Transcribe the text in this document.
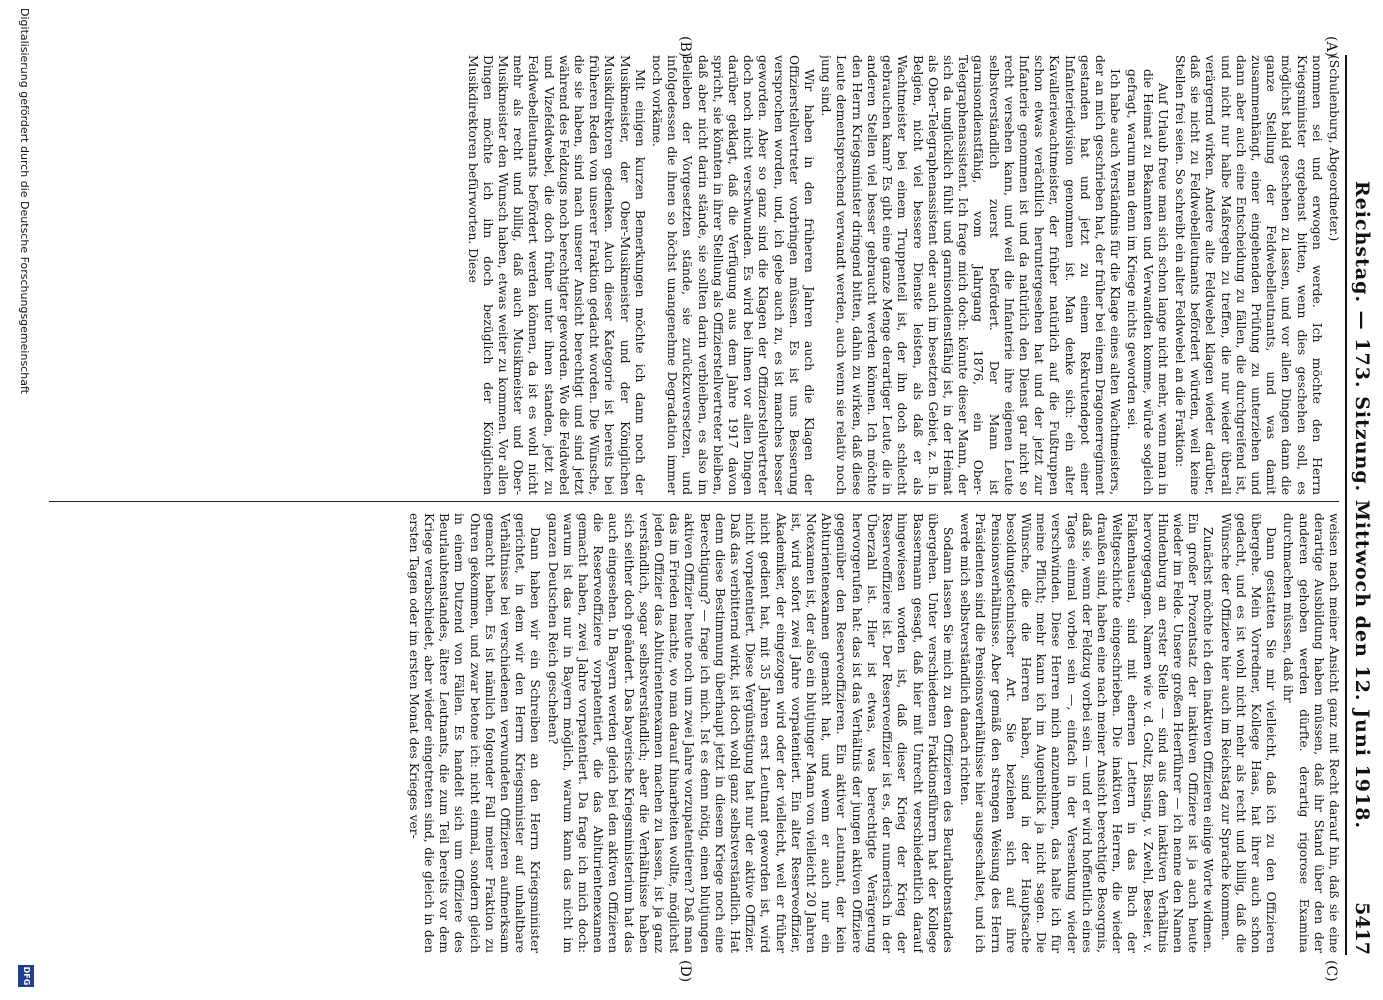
Reichstag. — 173. Sitzung. Mittwoch den 12. Juni 1918.
5417
(A)
(B)
(C)
(D)

(Schulenburg, Abgeordneter.)

nommen sei und erwogen werde. Ich möchte den Herrn Kriegsminister ergebenst bitten, wenn dies geschehen soll, es möglichst bald geschehen zu lassen, und vor allen Dingen dann die ganze Stellung der Feldwebelleutnants, und was damit zusammenhängt, einer eingehenden Prüfung zu unterziehen und dann aber auch eine Entscheidung zu fällen, die durchgreifend ist, und nicht nur halbe Maßregeln zu treffen, die nur wieder überall verärgernd wirken. Andere alte Feldwebel klagen wieder darüber, daß sie nicht zu Feldwebelleutnants befördert würden, weil keine Stellen frei seien. So schreibt ein alter Feldwebel an die Fraktion:

Auf Urlaub freue man sich schon lange nicht mehr, wenn man in die Heimat zu Bekannten und Verwandten komme, würde sogleich gefragt, warum man denn im Kriege nichts geworden sei.

Ich habe auch Verständnis für die Klage eines alten Wachtmeisters, der an mich geschrieben hat, der früher bei einem Dragonerregiment gestanden hat und jetzt zu einem Rekrutendepot einer Infanteriedivision genommen ist. Man denke sich: ein alter Kavalleriewachtmeister, der früher natürlich auf die Fußtruppen schon etwas verächtlich heruntergesehen hat und der jetzt zur Infanterie genommen ist und da natürlich den Dienst gar nicht so recht versehen kann, und weil die Infanterie ihre eigenen Leute selbstverständlich zuerst befördert. Der Mann ist garnisondienstfähig, vom Jahrgang 1876, ein Ober-Telegraphenassistent. Ich frage mich doch: könnte dieser Mann, der sich da unglücklich fühlt und garnisondienstfähig ist, in der Heimat als Ober-Telegraphenassistent oder auch im besetzten Gebiet, z. B. in Belgien, nicht viel bessere Dienste leisten, als daß er als Wachtmeister bei einem Truppenteil ist, der ihn doch schlecht gebrauchen kann? Es gibt eine ganze Menge derartiger Leute, die in anderen Stellen viel besser gebraucht werden können. Ich möchte den Herrn Kriegsminister dringend bitten, dahin zu wirken, daß diese Leute dementsprechend verwandt werden, auch wenn sie relativ noch jung sind.

Wir haben in den früheren Jahren auch die Klagen der Offizierstellvertreter vorbringen müssen. Es ist uns Besserung versprochen worden, und, ich gebe auch zu, es ist manches besser geworden. Aber so ganz sind die Klagen der Offizierstellvertreter doch noch nicht verschwunden. Es wird bei ihnen vor allen Dingen darüber geklagt, daß die Verfügung aus dem Jahre 1917 davon spricht, sie könnten in ihrer Stellung als Offizierstellvertreter bleiben, daß aber nicht darin stände, sie sollten darin verbleiben, es also im Belieben der Vorgesetzten stände, sie zurückzuversetzen, und infolgedessen die ihnen so höchst unangenehme Degradation immer noch vorkäme.

Mit einigen kurzen Bemerkungen möchte ich dann noch der Musikmeister, der Ober-Musikmeister und der Königlichen Musikdirektoren gedenken. Auch dieser Kategorie ist bereits bei früheren Reden von unserer Fraktion gedacht worden. Die Wünsche, die sie haben, sind nach unserer Ansicht berechtigt und sind jetzt während des Feldzugs noch berechtigter geworden. Wo die Feldwebel und Vizefeldwebel, die doch früher unter ihnen standen, jetzt zu Feldwebelleutnants befördert werden können, da ist es wohl nicht mehr als recht und billig, daß auch Musikmeister und Ober-Musikmeister den Wunsch haben, etwas weiter zu kommen. Vor allen Dingen möchte ich ihn doch bezüglich der Königlichen Musikdirektoren befürworten. Diese

weisen nach meiner Ansicht ganz mit Recht darauf hin, daß sie eine derartige Ausbildung haben müssen, daß ihr Stand über den der anderen gehoben werden dürfte. derartig rigorose Examina durchmachen müssen, daß ihr

Dann gestatten Sie mir vielleicht, daß ich zu den Offizieren übergehe. Mein Vorredner, Kollege Haas, hat ihrer auch schon gedacht, und es ist wohl nicht mehr als recht und billig, daß die Wünsche der Offiziere hier auch im Reichstag zur Sprache kommen.

Zunächst möchte ich den inaktiven Offizieren einige Worte widmen. Ein großer Prozentsatz der inaktiven Offiziere ist ja auch heute wieder im Felde. Unsere großen Heerführer — ich nenne den Namen Hindenburg an erster Stelle — sind aus dem inaktiven Verhältnis hervorgegangen. Namen wie v. d. Goltz, Bissing, v. Zwehl, Beseler, v. Falkenhausen, sind mit ehernen Lettern in das Buch der Weltgeschichte eingeschrieben. Die inaktiven Herren, die wieder draußen sind, haben eine nach meiner Ansicht berechtigte Besorgnis, daß sie, wenn der Feldzug vorbei sein — und er wird hoffentlich eines Tages einmal vorbei sein —, einfach in der Versenkung wieder verschwinden. Diese Herren mich anzunehmen, das halte ich für meine Pflicht; mehr kann ich im Augenblick ja nicht sagen. Die Wünsche, die die Herren haben, sind in der Hauptsache besoldungstechnischer Art. Sie beziehen sich auf ihre Pensionsverhältnisse. Aber gemäß den strengen Weisung des Herrn Präsidenten sind die Pensionsverhältnisse hier ausgeschaltet, und ich werde mich selbstverständlich danach richten.

Sodann lassen Sie mich zu den Offizieren des Beurlaubtenstandes übergehen. Unter verschiedenen Fraktionsführern hat der Kollege Bassermann gesagt, daß hier mit Unrecht verschiedentlich darauf hingewiesen worden ist, daß dieser Krieg der Krieg der Reserveoffiziere ist. Der Reserveoffizier ist es, der numerisch in der Überzahl ist. Hier ist etwas, was berechtigte Verärgerung hervorgerufen hat: das ist das Verhältnis der jungen aktiven Offiziere gegenüber den Reserveoffizieren. Ein aktiver Leutnant, der kein Abiturientenexamen gemacht hat, und wenn er auch nur ein Notexamen ist, der also ein blutjunger Mann von vielleicht 20 Jahren ist, wird sofort zwei Jahre vorpatentiert. Ein alter Reserveoffizier, Akademiker, der eingezogen wird oder der vielleicht, weil er früher nicht gedient hat, mit 35 Jahren erst Leutnant geworden ist, wird nicht vorpatentiert. Diese Vergünstigung hat nur der aktive Offizier. Daß das verbitternd wirkt, ist doch wohl ganz selbstverständlich. Hat denn diese Bestimmung überhaupt jetzt in diesem Kriege noch eine Berechtigung? — frage ich mich. Ist es denn nötig, einen blutjungen aktiven Offizier heute noch um zwei Jahre vorzupatentieren? Daß man das im Frieden machte, wo man darauf hinarbeiten wollte, möglichst jeden Offizier das Abiturientenexamen machen zu lassen, ist ja ganz verständlich, sogar selbstverständlich; aber die Verhältnisse haben sich seither doch geändert. Das bayerische Kriegsministerium hat das auch eingesehen. In Bayern werden gleich bei den aktiven Offizieren die Reserveoffiziere vorpatentiert, die das Abiturientenexamen gemacht haben, zwei Jahre vorpatentiert. Da frage ich mich doch: warum ist das nur in Bayern möglich, warum kann das nicht im ganzen Deutschen Reich geschehen?

Dann haben wir ein Schreiben an den Herrn Kriegsminister gerichtet, in dem wir den Herrn Kriegsminister auf unhaltbare Verhältnisse bei verschiedenen verwundeten Offizieren aufmerksam gemacht haben. Es ist nämlich folgender Fall meiner Fraktion zu Ohren gekommen, und zwar betone ich: nicht einmal, sondern gleich in einem Dutzend von Fällen. Es handelt sich um Offiziere des Beurlaubtenstandes, ältere Leutnants, die zum Teil bereits vor dem Kriege verabschiedet, aber wieder eingetreten sind, die gleich in den ersten Tagen oder im ersten Monat des Krieges ver-

Digitalisierung gefördert durch die Deutsche Forschungsgemeinschaft
DFG
